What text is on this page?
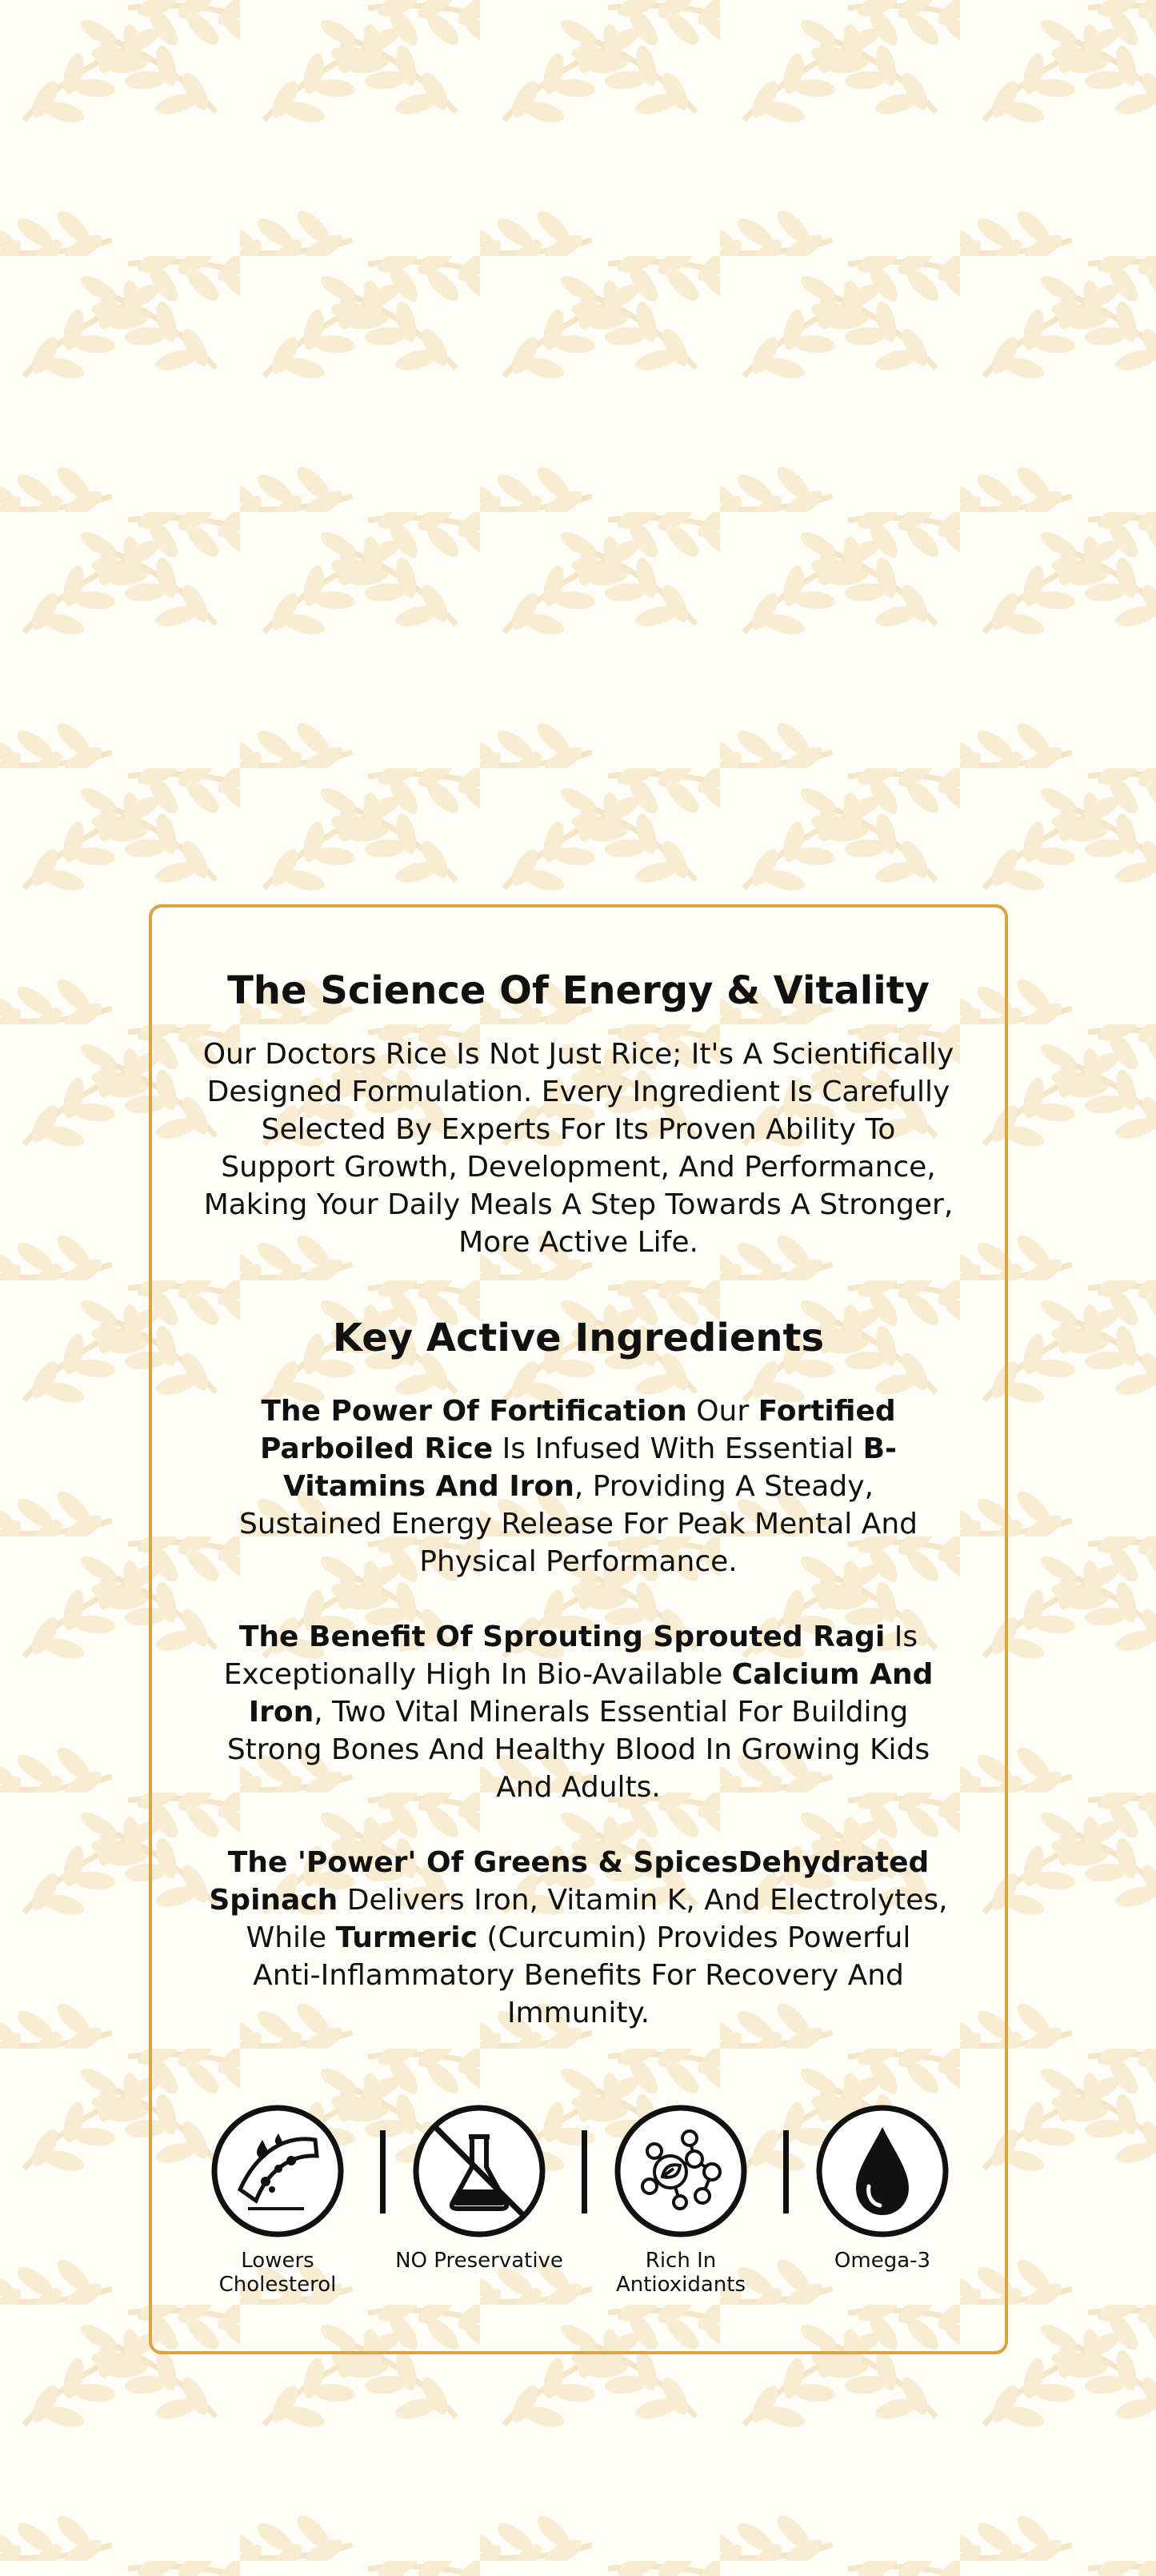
The Science Of Energy & Vitality

Our Doctors Rice Is Not Just Rice; It's A Scientifically Designed Formulation. Every Ingredient Is Carefully Selected By Experts For Its Proven Ability To Support Growth, Development, And Performance, Making Your Daily Meals A Step Towards A Stronger, More Active Life.

Key Active Ingredients

The Power Of Fortification Our Fortified Parboiled Rice Is Infused With Essential B-Vitamins And Iron, Providing A Steady, Sustained Energy Release For Peak Mental And Physical Performance.

The Benefit Of Sprouting Sprouted Ragi Is Exceptionally High In Bio-Available Calcium And Iron, Two Vital Minerals Essential For Building Strong Bones And Healthy Blood In Growing Kids And Adults.

The 'Power' Of Greens & SpicesDehydrated Spinach Delivers Iron, Vitamin K, And Electrolytes, While Turmeric (Curcumin) Provides Powerful Anti-Inflammatory Benefits For Recovery And Immunity.

Lowers Cholesterol
NO Preservative	Rich In Antioxidants
Omega-3
